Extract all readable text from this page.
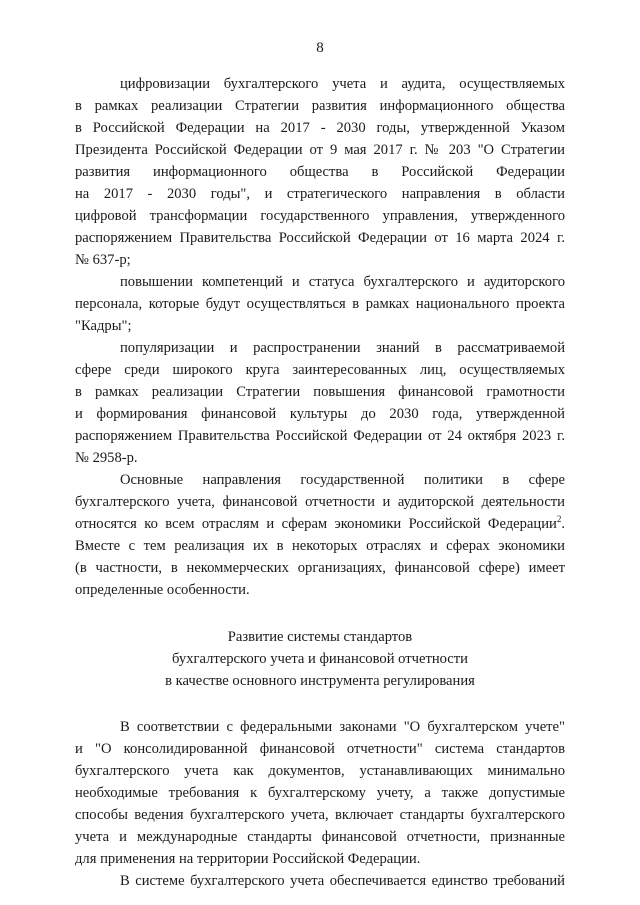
8
цифровизации бухгалтерского учета и аудита, осуществляемых
в рамках реализации Стратегии развития информационного общества
в Российской Федерации на 2017 - 2030 годы, утвержденной Указом
Президента Российской Федерации от 9 мая 2017 г. № 203 "О Стратегии
развития информационного общества в Российской Федерации
на 2017 - 2030 годы", и стратегического направления в области
цифровой трансформации государственного управления, утвержденного
распоряжением Правительства Российской Федерации от 16 марта 2024 г.
№ 637-р;
повышении компетенций и статуса бухгалтерского и аудиторского
персонала, которые будут осуществляться в рамках национального проекта
"Кадры";
популяризации и распространении знаний в рассматриваемой
сфере среди широкого круга заинтересованных лиц, осуществляемых
в рамках реализации Стратегии повышения финансовой грамотности
и формирования финансовой культуры до 2030 года, утвержденной
распоряжением Правительства Российской Федерации от 24 октября 2023 г.
№ 2958-р.
Основные направления государственной политики в сфере
бухгалтерского учета, финансовой отчетности и аудиторской деятельности
относятся ко всем отраслям и сферам экономики Российской Федерации$^2$.
Вместе с тем реализация их в некоторых отраслях и сферах экономики
(в частности, в некоммерческих организациях, финансовой сфере) имеет
определенные особенности.
Развитие системы стандартов
бухгалтерского учета и финансовой отчетности
в качестве основного инструмента регулирования
В соответствии с федеральными законами "О бухгалтерском учете"
и "О консолидированной финансовой отчетности" система стандартов
бухгалтерского учета как документов, устанавливающих минимально
необходимые требования к бухгалтерскому учету, а также допустимые
способы ведения бухгалтерского учета, включает стандарты бухгалтерского
учета и международные стандарты финансовой отчетности, признанные
для применения на территории Российской Федерации.
В системе бухгалтерского учета обеспечивается единство требований
